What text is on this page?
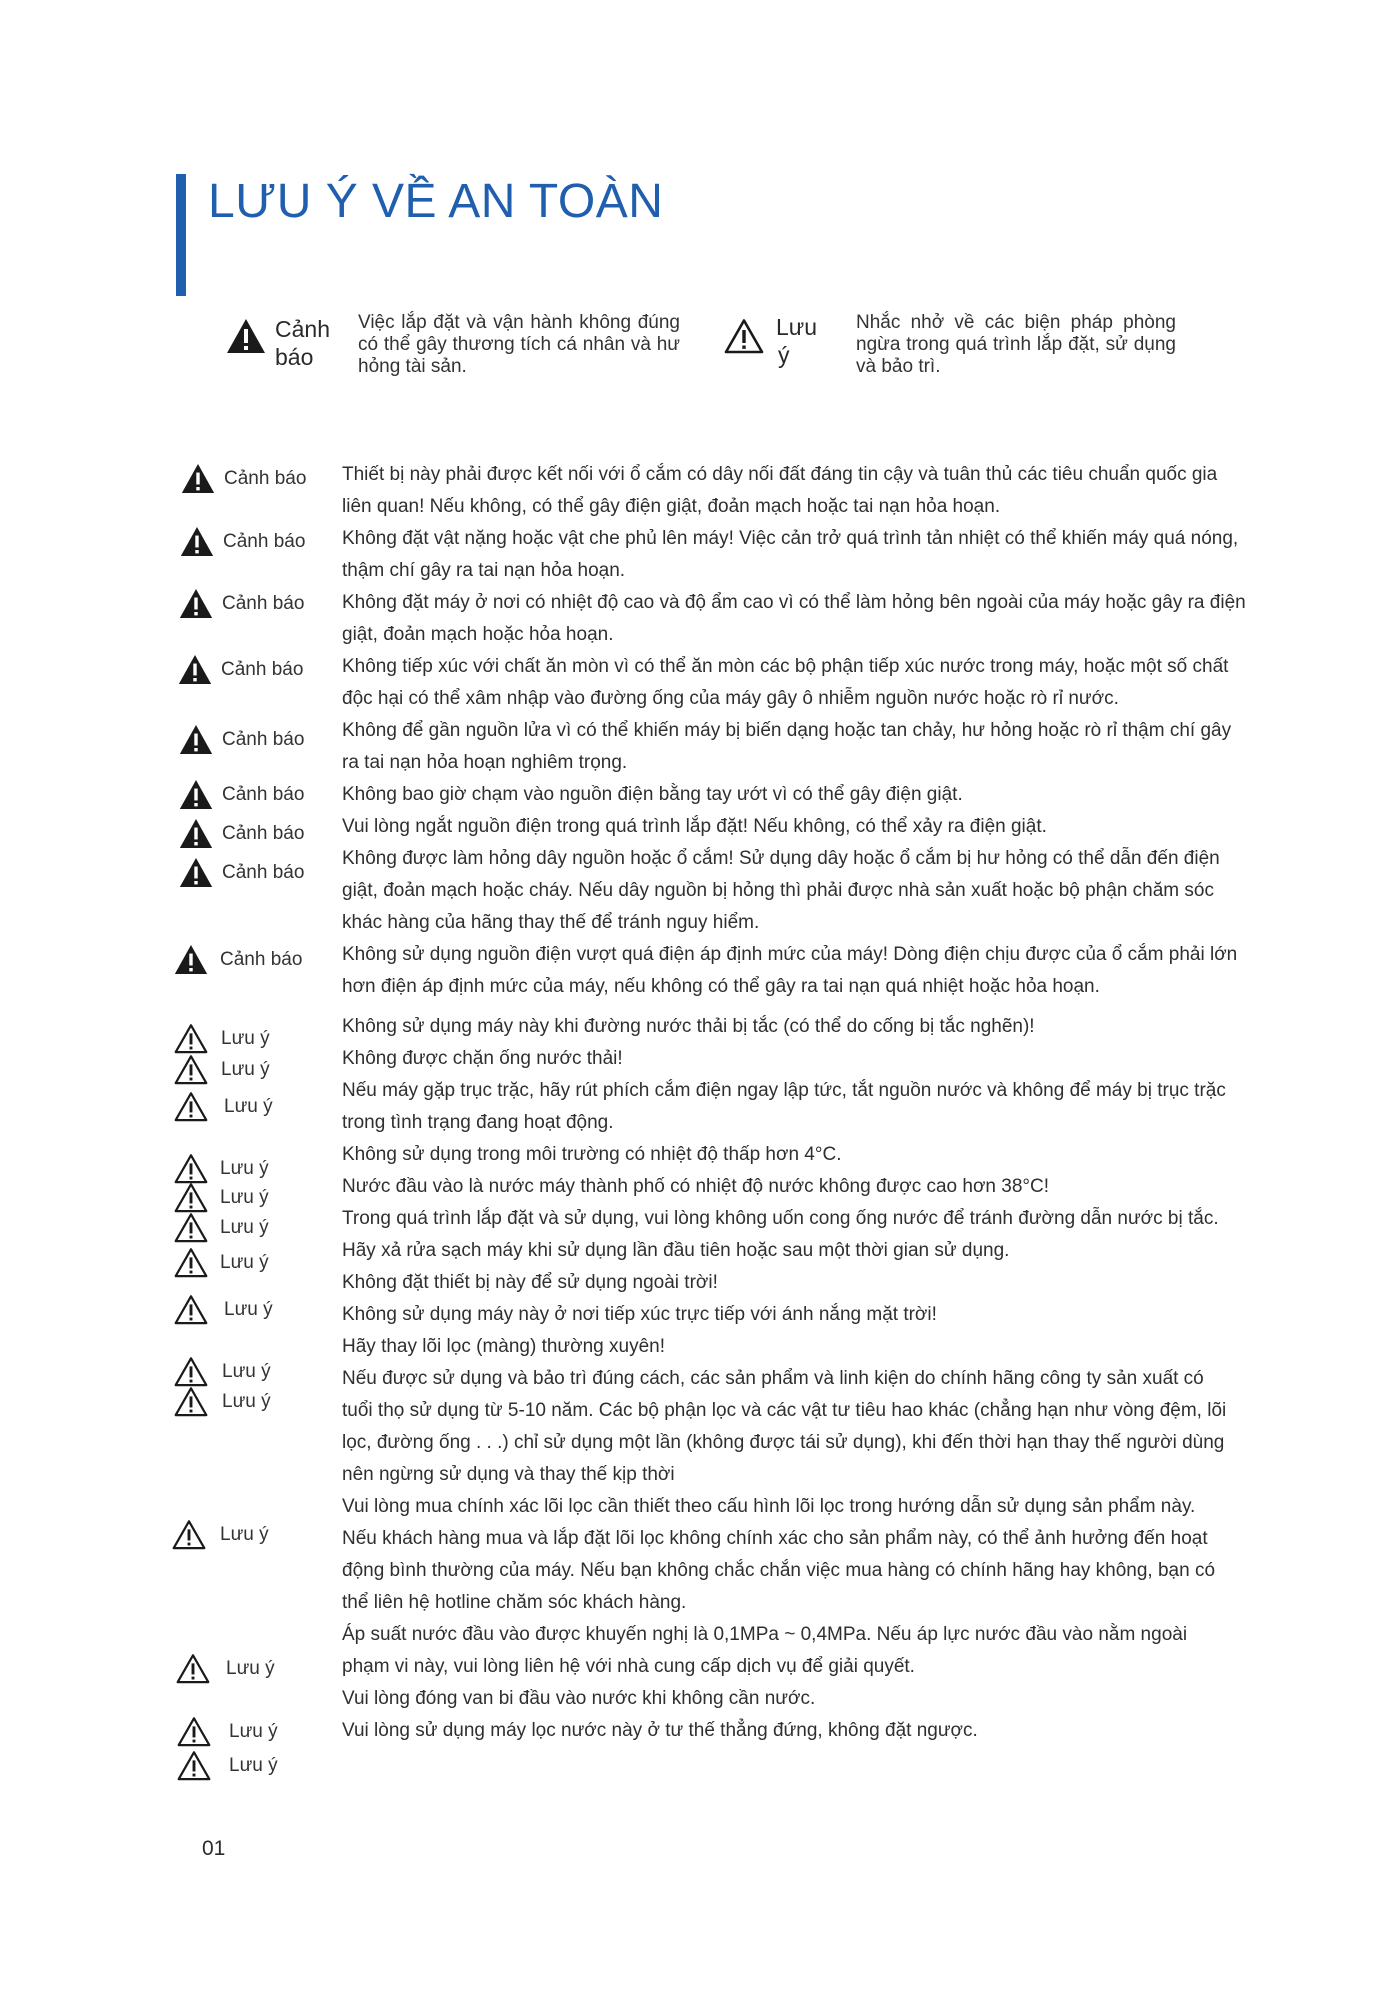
LƯU Ý VỀ AN TOÀN
Cảnh
báo
Việc lắp đặt và vận hành không đúng có thể gây thương tích cá nhân và hư hỏng tài sản.
Lưu
ý
Nhắc nhở về các biện pháp phòng ngừa trong quá trình lắp đặt, sử dụng và bảo trì.
Cảnh báo
Cảnh báo
Cảnh báo
Cảnh báo
Cảnh báo
Cảnh báo
Cảnh báo
Cảnh báo
Cảnh báo
Lưu ý
Lưu ý
Lưu ý
Lưu ý
Lưu ý
Lưu ý
Lưu ý
Lưu ý
Lưu ý
Lưu ý
Lưu ý
Lưu ý
Lưu ý
Lưu ý

Thiết bị này phải được kết nối với ổ cắm có dây nối đất đáng tin cậy và tuân thủ các tiêu chuẩn quốc gia
liên quan! Nếu không, có thể gây điện giật, đoản mạch hoặc tai nạn hỏa hoạn.

Không đặt vật nặng hoặc vật che phủ lên máy! Việc cản trở quá trình tản nhiệt có thể khiến máy quá nóng,
thậm chí gây ra tai nạn hỏa hoạn.

Không đặt máy ở nơi có nhiệt độ cao và độ ẩm cao vì có thể làm hỏng bên ngoài của máy hoặc gây ra điện
giật, đoản mạch hoặc hỏa hoạn.

Không tiếp xúc với chất ăn mòn vì có thể ăn mòn các bộ phận tiếp xúc nước trong máy, hoặc một số chất
độc hại có thể xâm nhập vào đường ống của máy gây ô nhiễm nguồn nước hoặc rò rỉ nước.

Không để gần nguồn lửa vì có thể khiến máy bị biến dạng hoặc tan chảy, hư hỏng hoặc rò rỉ thậm chí gây
ra tai nạn hỏa hoạn nghiêm trọng.

Không bao giờ chạm vào nguồn điện bằng tay ướt vì có thể gây điện giật.

Vui lòng ngắt nguồn điện trong quá trình lắp đặt! Nếu không, có thể xảy ra điện giật.

Không được làm hỏng dây nguồn hoặc ổ cắm! Sử dụng dây hoặc ổ cắm bị hư hỏng có thể dẫn đến điện
giật, đoản mạch hoặc cháy. Nếu dây nguồn bị hỏng thì phải được nhà sản xuất hoặc bộ phận chăm sóc
khác hàng của hãng thay thế để tránh nguy hiểm.

Không sử dụng nguồn điện vượt quá điện áp định mức của máy! Dòng điện chịu được của ổ cắm phải lớn
hơn điện áp định mức của máy, nếu không có thể gây ra tai nạn quá nhiệt hoặc hỏa hoạn.

Không sử dụng máy này khi đường nước thải bị tắc (có thể do cống bị tắc nghẽn)!

Không được chặn ống nước thải!

Nếu máy gặp trục trặc, hãy rút phích cắm điện ngay lập tức, tắt nguồn nước và không để máy bị trục trặc
trong tình trạng đang hoạt động.

Không sử dụng trong môi trường có nhiệt độ thấp hơn 4°C.

Nước đầu vào là nước máy thành phố có nhiệt độ nước không được cao hơn 38°C!

Trong quá trình lắp đặt và sử dụng, vui lòng không uốn cong ống nước để tránh đường dẫn nước bị tắc.

Hãy xả rửa sạch máy khi sử dụng lần đầu tiên hoặc sau một thời gian sử dụng.

Không đặt thiết bị này để sử dụng ngoài trời!

Không sử dụng máy này ở nơi tiếp xúc trực tiếp với ánh nắng mặt trời!

Hãy thay lõi lọc (màng) thường xuyên!

Nếu được sử dụng và bảo trì đúng cách, các sản phẩm và linh kiện do chính hãng công ty sản xuất có
tuổi thọ sử dụng từ 5-10 năm. Các bộ phận lọc và các vật tư tiêu hao khác (chẳng hạn như vòng đệm, lõi
lọc, đường ống . . .) chỉ sử dụng một lần (không được tái sử dụng), khi đến thời hạn thay thế người dùng
nên ngừng sử dụng và thay thế kịp thời

Vui lòng mua chính xác lõi lọc cần thiết theo cấu hình lõi lọc trong hướng dẫn sử dụng sản phẩm này.
Nếu khách hàng mua và lắp đặt lõi lọc không chính xác cho sản phẩm này, có thể ảnh hưởng đến hoạt
động bình thường của máy. Nếu bạn không chắc chắn việc mua hàng có chính hãng hay không, bạn có
thể liên hệ hotline chăm sóc khách hàng.

Áp suất nước đầu vào được khuyến nghị là 0,1MPa ~ 0,4MPa. Nếu áp lực nước đầu vào nằm ngoài
phạm vi này, vui lòng liên hệ với nhà cung cấp dịch vụ để giải quyết.

Vui lòng đóng van bi đầu vào nước khi không cần nước.

Vui lòng sử dụng máy lọc nước này ở tư thế thẳng đứng, không đặt ngược.

01
